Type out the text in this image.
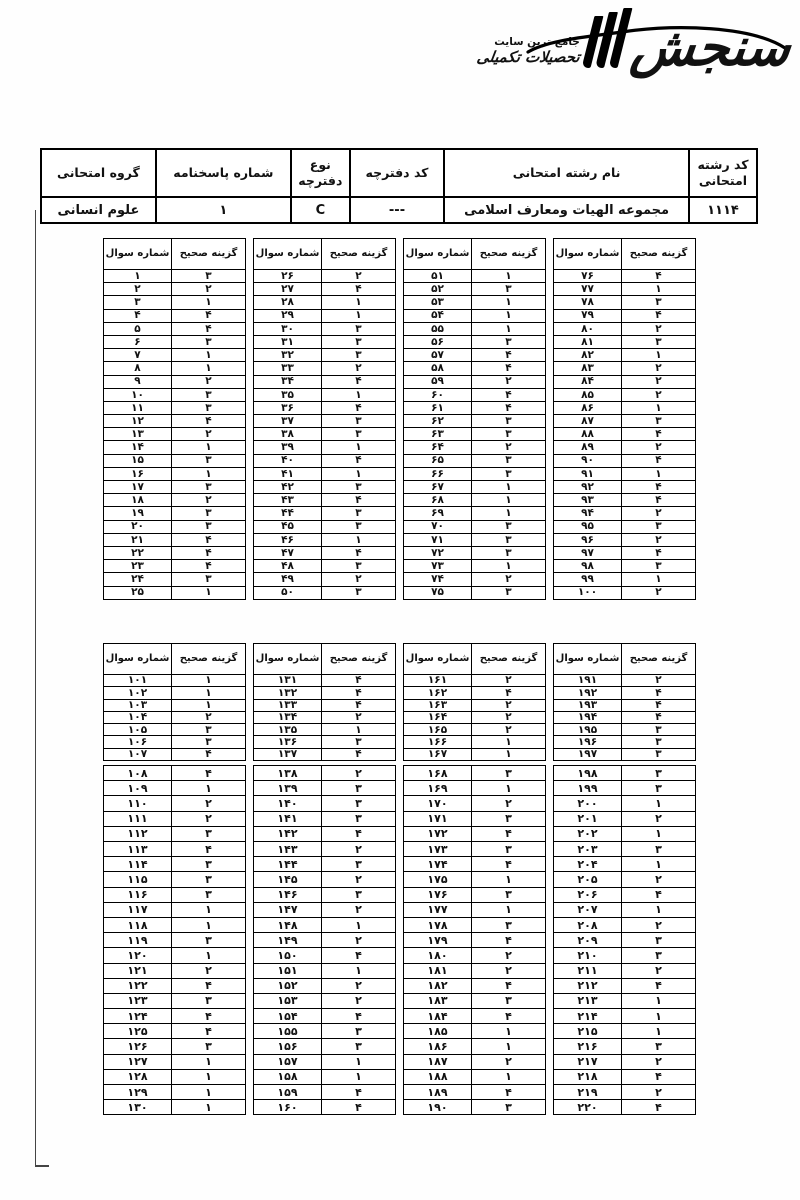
سنجش
جامع ترین سایت
تحصیلات تکمیلی
کد رشته امتحانی	نام رشته امتحانی	کد دفترچه	نوع دفترچه	شماره پاسخنامه	گروه امتحانی
۱۱۱۴	مجموعه الهیات ومعارف اسلامی	---	C	۱	علوم انسانی
شماره سوال	گزینه صحیح
۱	۳
۲	۲
۳	۱
۴	۴
۵	۴
۶	۳
۷	۱
۸	۱
۹	۲
۱۰	۳
۱۱	۳
۱۲	۴
۱۳	۲
۱۴	۱
۱۵	۳
۱۶	۱
۱۷	۳
۱۸	۲
۱۹	۳
۲۰	۳
۲۱	۴
۲۲	۴
۲۳	۴
۲۴	۳
۲۵	۱
شماره سوال	گزینه صحیح
۲۶	۲
۲۷	۴
۲۸	۱
۲۹	۱
۳۰	۳
۳۱	۳
۳۲	۳
۳۳	۲
۳۴	۴
۳۵	۱
۳۶	۴
۳۷	۳
۳۸	۳
۳۹	۱
۴۰	۴
۴۱	۱
۴۲	۳
۴۳	۴
۴۴	۳
۴۵	۳
۴۶	۱
۴۷	۴
۴۸	۳
۴۹	۲
۵۰	۳
شماره سوال	گزینه صحیح
۵۱	۱
۵۲	۳
۵۳	۱
۵۴	۱
۵۵	۱
۵۶	۳
۵۷	۴
۵۸	۴
۵۹	۲
۶۰	۴
۶۱	۴
۶۲	۳
۶۳	۳
۶۴	۲
۶۵	۳
۶۶	۳
۶۷	۱
۶۸	۱
۶۹	۱
۷۰	۳
۷۱	۳
۷۲	۳
۷۳	۱
۷۴	۲
۷۵	۳
شماره سوال	گزینه صحیح
۷۶	۴
۷۷	۱
۷۸	۳
۷۹	۴
۸۰	۲
۸۱	۳
۸۲	۱
۸۳	۲
۸۴	۲
۸۵	۲
۸۶	۱
۸۷	۳
۸۸	۴
۸۹	۲
۹۰	۴
۹۱	۱
۹۲	۴
۹۳	۴
۹۴	۲
۹۵	۳
۹۶	۲
۹۷	۴
۹۸	۳
۹۹	۱
۱۰۰	۲
شماره سوال	گزینه صحیح
۱۰۱	۱
۱۰۲	۱
۱۰۳	۱
۱۰۴	۲
۱۰۵	۳
۱۰۶	۳
۱۰۷	۴
۱۰۸	۴
۱۰۹	۱
۱۱۰	۲
۱۱۱	۲
۱۱۲	۳
۱۱۳	۴
۱۱۴	۳
۱۱۵	۳
۱۱۶	۳
۱۱۷	۱
۱۱۸	۱
۱۱۹	۳
۱۲۰	۱
۱۲۱	۲
۱۲۲	۴
۱۲۳	۳
۱۲۴	۴
۱۲۵	۴
۱۲۶	۳
۱۲۷	۱
۱۲۸	۱
۱۲۹	۱
۱۳۰	۱
شماره سوال	گزینه صحیح
۱۳۱	۴
۱۳۲	۴
۱۳۳	۴
۱۳۴	۲
۱۳۵	۱
۱۳۶	۳
۱۳۷	۴
۱۳۸	۲
۱۳۹	۳
۱۴۰	۳
۱۴۱	۳
۱۴۲	۴
۱۴۳	۲
۱۴۴	۳
۱۴۵	۲
۱۴۶	۳
۱۴۷	۲
۱۴۸	۱
۱۴۹	۲
۱۵۰	۴
۱۵۱	۱
۱۵۲	۲
۱۵۳	۲
۱۵۴	۴
۱۵۵	۳
۱۵۶	۳
۱۵۷	۱
۱۵۸	۱
۱۵۹	۴
۱۶۰	۴
شماره سوال	گزینه صحیح
۱۶۱	۲
۱۶۲	۴
۱۶۳	۲
۱۶۴	۲
۱۶۵	۲
۱۶۶	۱
۱۶۷	۱
۱۶۸	۳
۱۶۹	۱
۱۷۰	۲
۱۷۱	۳
۱۷۲	۴
۱۷۳	۳
۱۷۴	۴
۱۷۵	۱
۱۷۶	۳
۱۷۷	۱
۱۷۸	۳
۱۷۹	۴
۱۸۰	۲
۱۸۱	۲
۱۸۲	۴
۱۸۳	۳
۱۸۴	۴
۱۸۵	۱
۱۸۶	۱
۱۸۷	۲
۱۸۸	۱
۱۸۹	۴
۱۹۰	۳
شماره سوال	گزینه صحیح
۱۹۱	۲
۱۹۲	۴
۱۹۳	۴
۱۹۴	۴
۱۹۵	۳
۱۹۶	۳
۱۹۷	۳
۱۹۸	۳
۱۹۹	۳
۲۰۰	۱
۲۰۱	۲
۲۰۲	۱
۲۰۳	۳
۲۰۴	۱
۲۰۵	۲
۲۰۶	۴
۲۰۷	۱
۲۰۸	۲
۲۰۹	۳
۲۱۰	۳
۲۱۱	۲
۲۱۲	۴
۲۱۳	۱
۲۱۴	۱
۲۱۵	۱
۲۱۶	۳
۲۱۷	۲
۲۱۸	۴
۲۱۹	۲
۲۲۰	۴
